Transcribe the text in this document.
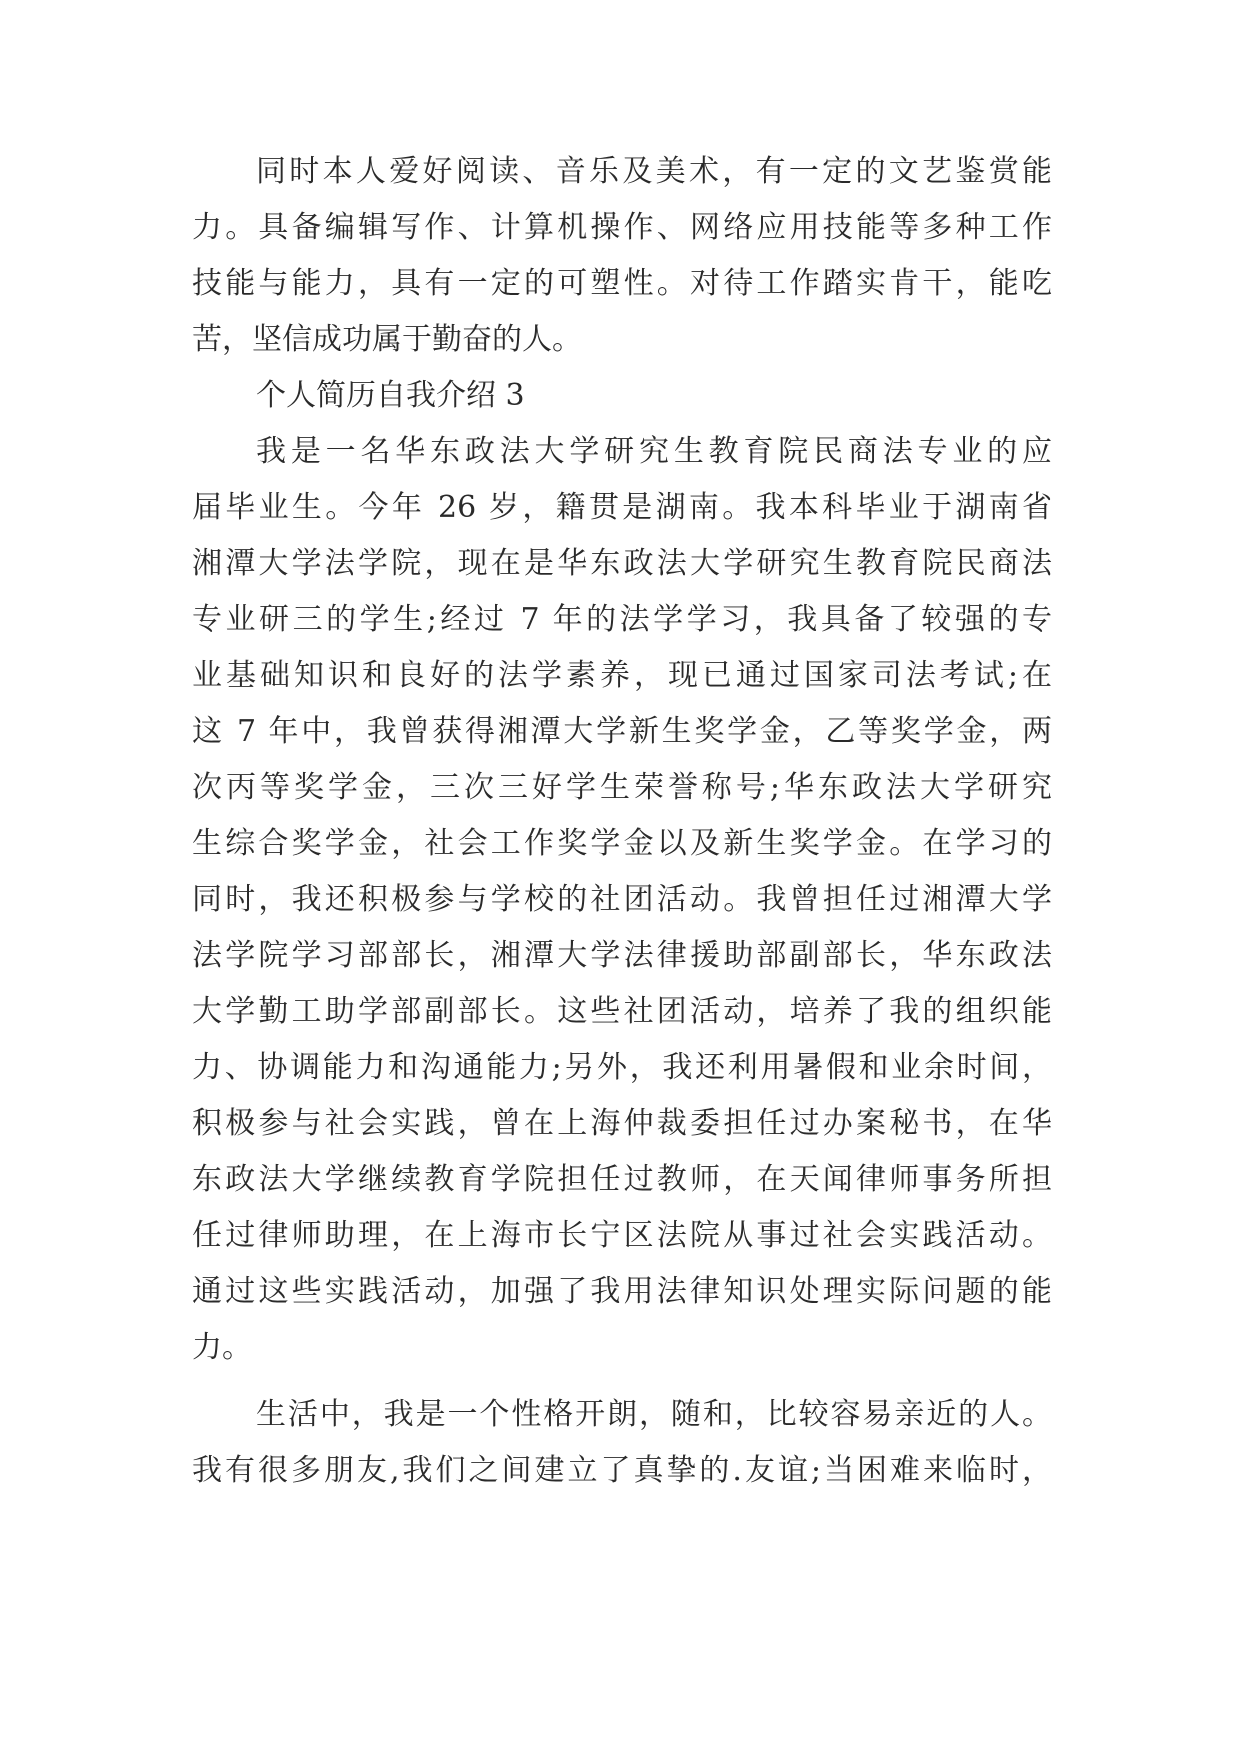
同时本人爱好阅读、音乐及美术，有一定的文艺鉴赏能
力。具备编辑写作、计算机操作、网络应用技能等多种工作
技能与能力，具有一定的可塑性。对待工作踏实肯干，能吃
苦，坚信成功属于勤奋的人。
个人简历自我介绍 3
我是一名华东政法大学研究生教育院民商法专业的应
届毕业生。今年 26 岁，籍贯是湖南。我本科毕业于湖南省
湘潭大学法学院，现在是华东政法大学研究生教育院民商法
专业研三的学生;经过 7 年的法学学习，我具备了较强的专
业基础知识和良好的法学素养，现已通过国家司法考试;在
这 7 年中，我曾获得湘潭大学新生奖学金，乙等奖学金，两
次丙等奖学金，三次三好学生荣誉称号;华东政法大学研究
生综合奖学金，社会工作奖学金以及新生奖学金。在学习的
同时，我还积极参与学校的社团活动。我曾担任过湘潭大学
法学院学习部部长，湘潭大学法律援助部副部长，华东政法
大学勤工助学部副部长。这些社团活动，培养了我的组织能
力、协调能力和沟通能力;另外，我还利用暑假和业余时间，
积极参与社会实践，曾在上海仲裁委担任过办案秘书，在华
东政法大学继续教育学院担任过教师，在天闻律师事务所担
任过律师助理，在上海市长宁区法院从事过社会实践活动。
通过这些实践活动，加强了我用法律知识处理实际问题的能
力。
生活中，我是一个性格开朗，随和，比较容易亲近的人。
我有很多朋友,我们之间建立了真挚的.友谊;当困难来临时，
